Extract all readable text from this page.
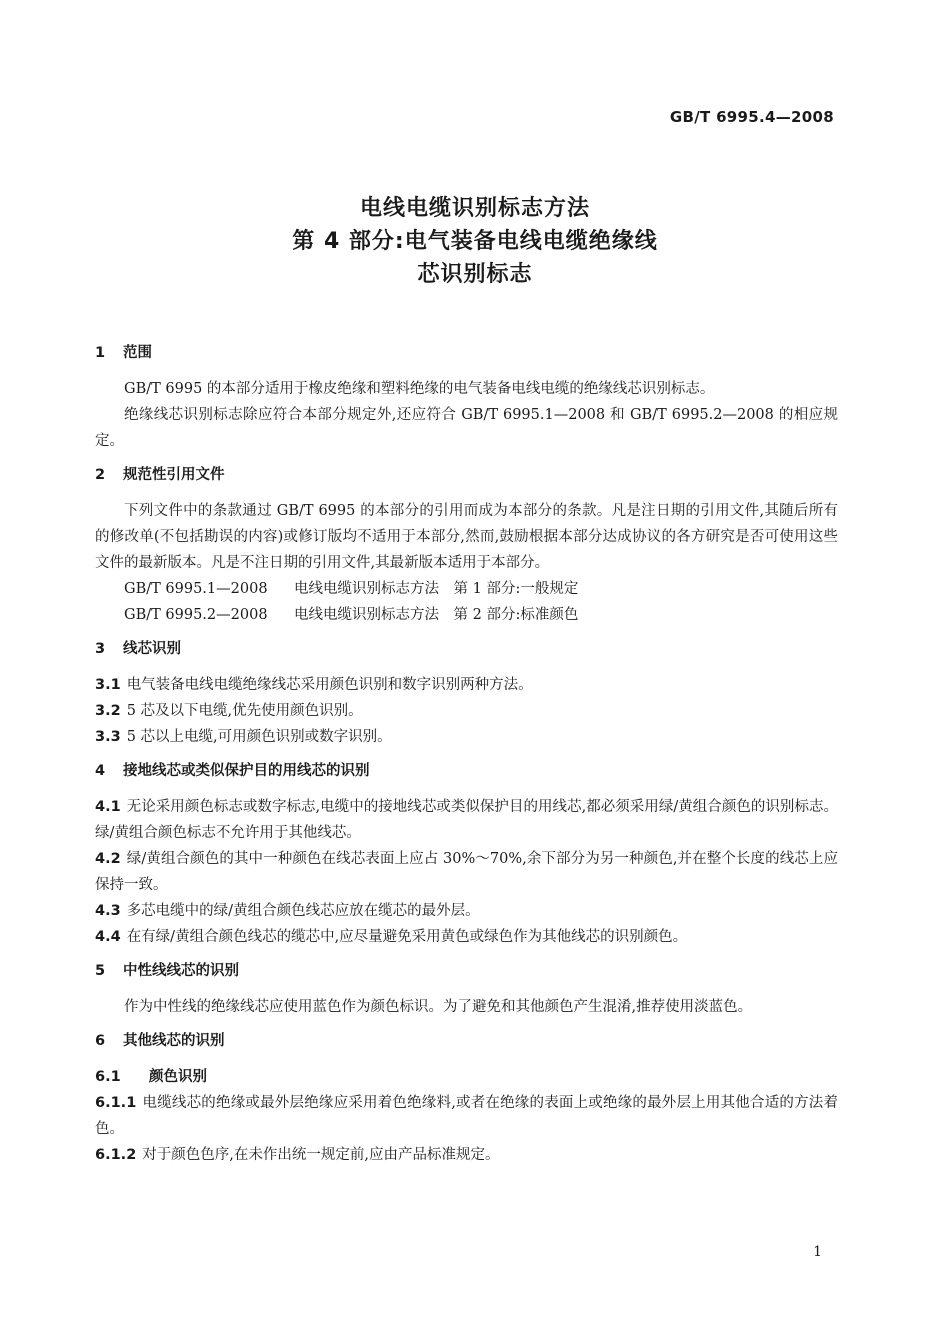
GB/T 6995.4—2008
电线电缆识别标志方法
第 4 部分:电气装备电线电缆绝缘线
芯识别标志
1 范围

GB/T 6995 的本部分适用于橡皮绝缘和塑料绝缘的电气装备电线电缆的绝缘线芯识别标志。

绝缘线芯识别标志除应符合本部分规定外,还应符合 GB/T 6995.1—2008 和 GB/T 6995.2—2008 的相应规定。

2 规范性引用文件

下列文件中的条款通过 GB/T 6995 的本部分的引用而成为本部分的条款。凡是注日期的引用文件,其随后所有的修改单(不包括勘误的内容)或修订版均不适用于本部分,然而,鼓励根据本部分达成协议的各方研究是否可使用这些文件的最新版本。凡是不注日期的引用文件,其最新版本适用于本部分。

GB/T 6995.1—2008 电线电缆识别标志方法　第 1 部分:一般规定

GB/T 6995.2—2008 电线电缆识别标志方法　第 2 部分:标准颜色

3 线芯识别

3.1 电气装备电线电缆绝缘线芯采用颜色识别和数字识别两种方法。

3.2 5 芯及以下电缆,优先使用颜色识别。

3.3 5 芯以上电缆,可用颜色识别或数字识别。

4 接地线芯或类似保护目的用线芯的识别

4.1 无论采用颜色标志或数字标志,电缆中的接地线芯或类似保护目的用线芯,都必须采用绿/黄组合颜色的识别标志。绿/黄组合颜色标志不允许用于其他线芯。

4.2 绿/黄组合颜色的其中一种颜色在线芯表面上应占 30%～70%,余下部分为另一种颜色,并在整个长度的线芯上应保持一致。

4.3 多芯电缆中的绿/黄组合颜色线芯应放在缆芯的最外层。

4.4 在有绿/黄组合颜色线芯的缆芯中,应尽量避免采用黄色或绿色作为其他线芯的识别颜色。

5 中性线线芯的识别

作为中性线的绝缘线芯应使用蓝色作为颜色标识。为了避免和其他颜色产生混淆,推荐使用淡蓝色。

6 其他线芯的识别
6.1 颜色识别

6.1.1 电缆线芯的绝缘或最外层绝缘应采用着色绝缘料,或者在绝缘的表面上或绝缘的最外层上用其他合适的方法着色。

6.1.2 对于颜色色序,在未作出统一规定前,应由产品标准规定。

1
